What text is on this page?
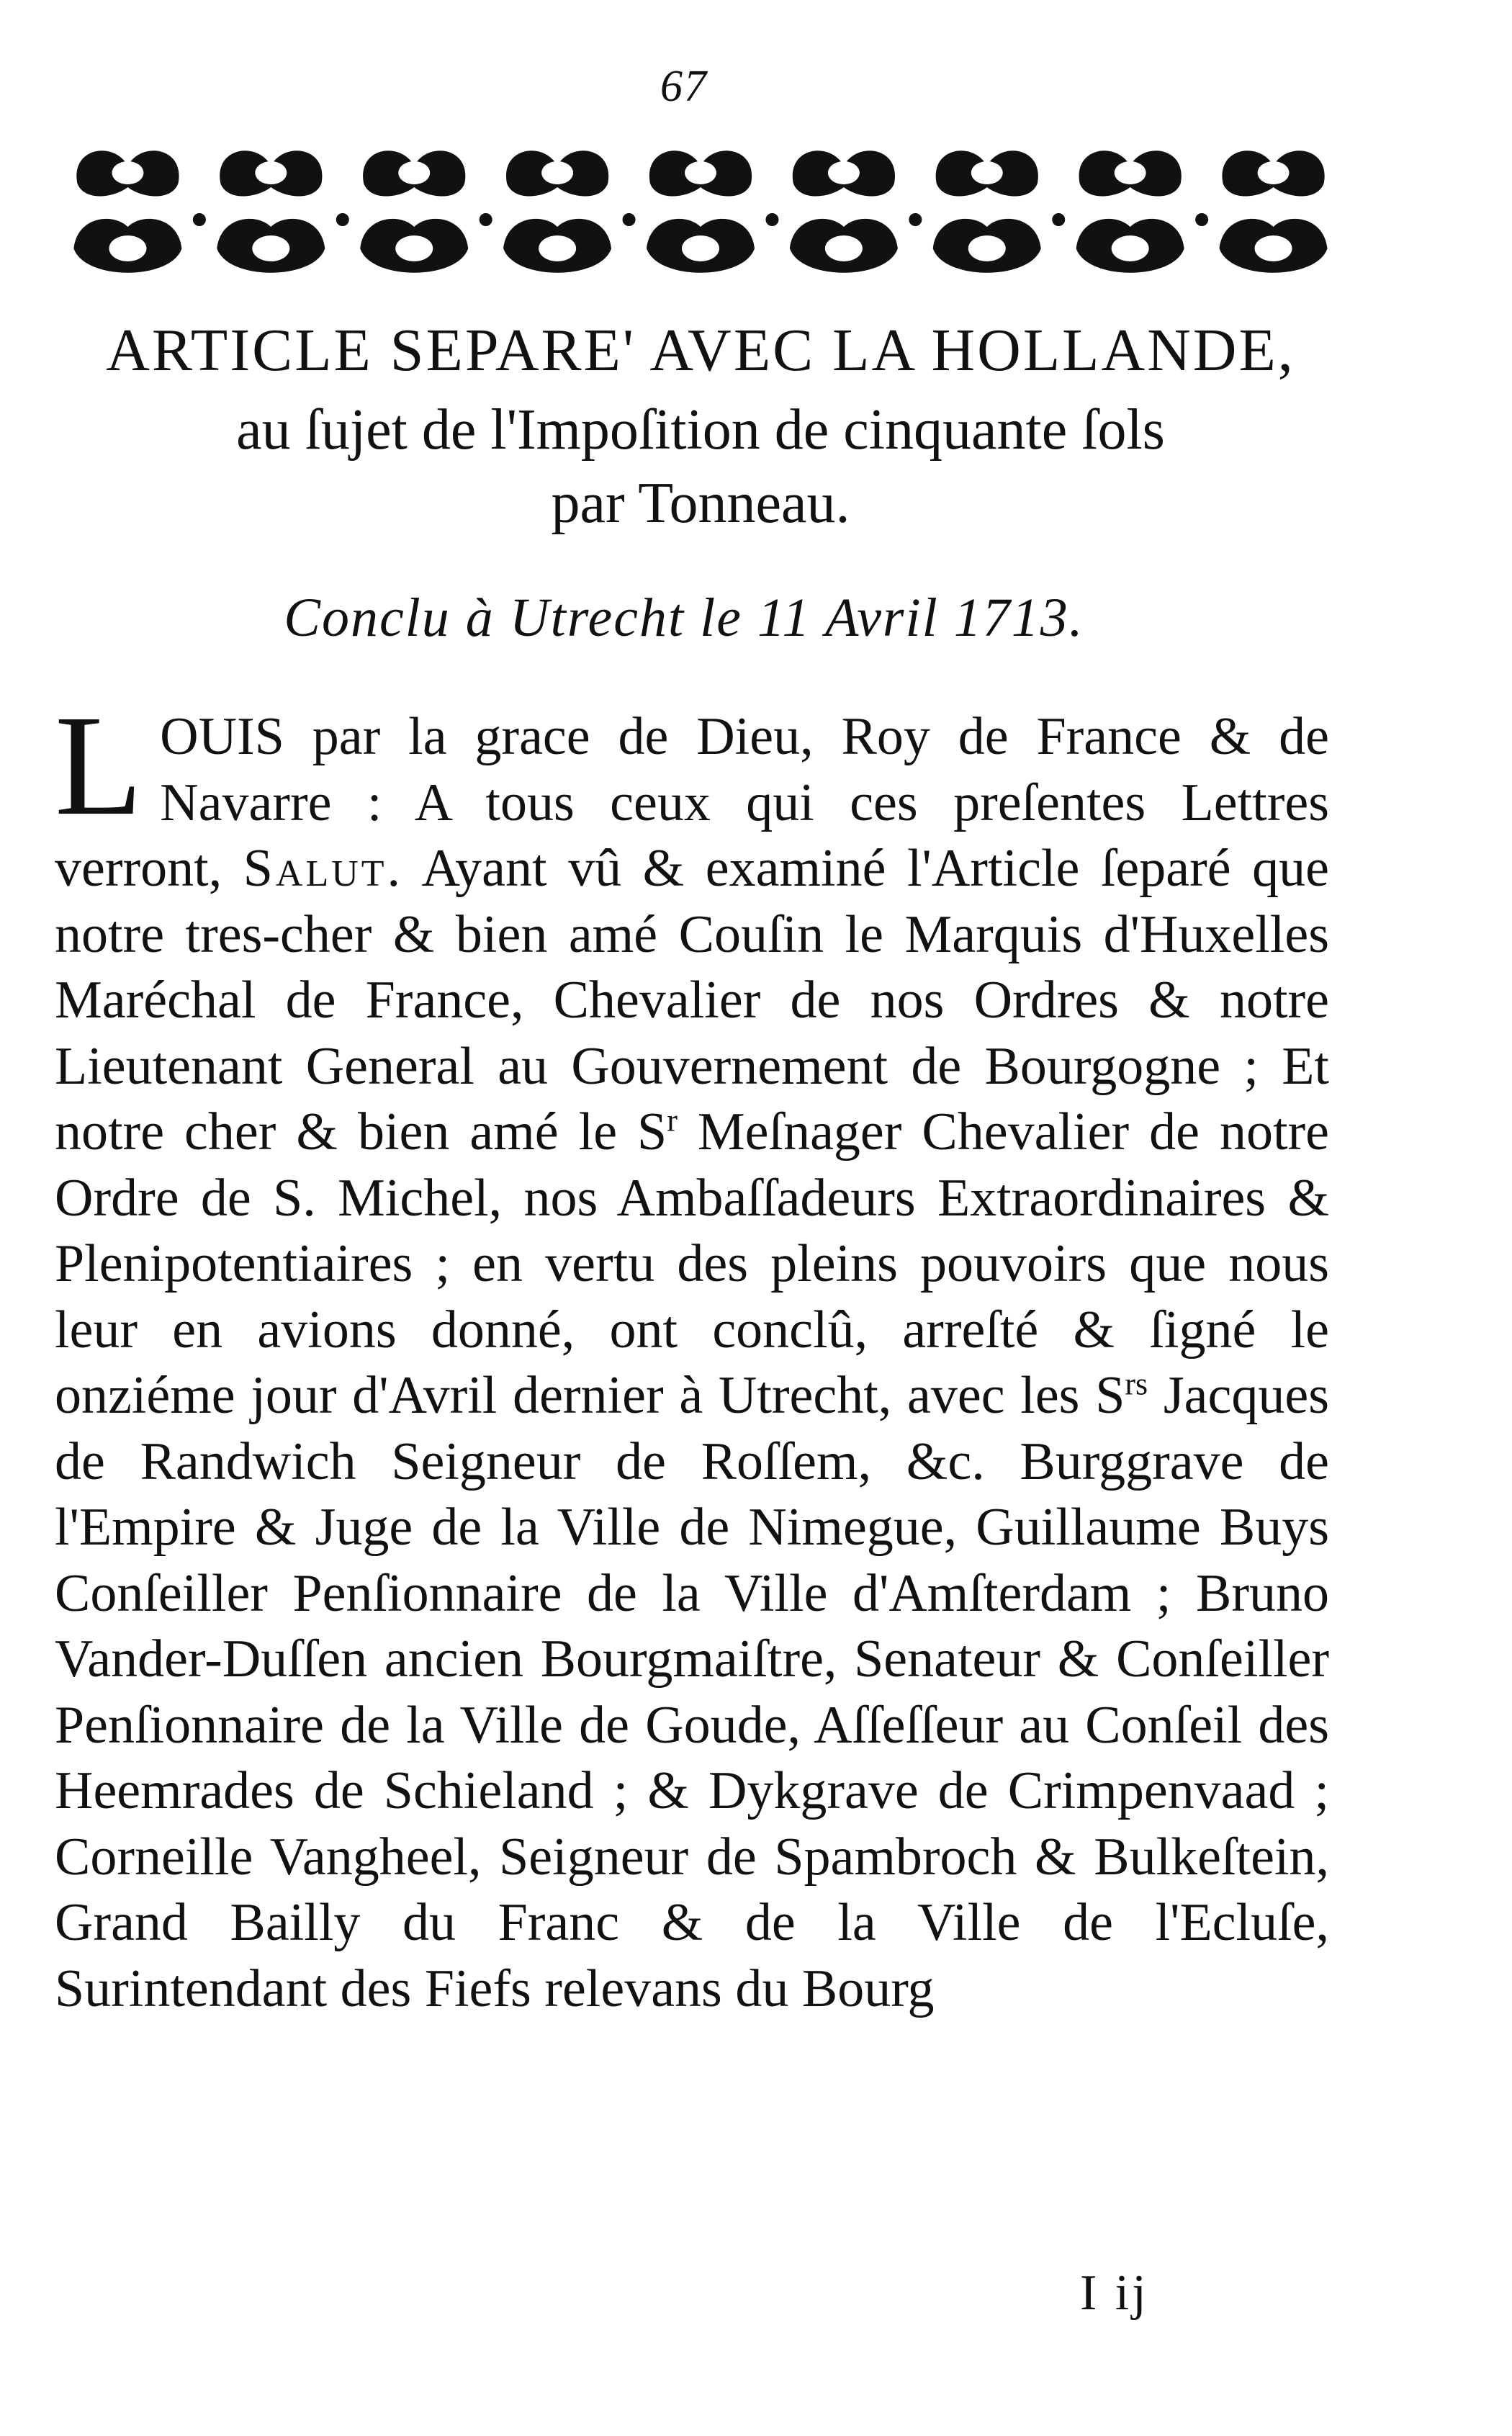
67
ARTICLE SEPARE' AVEC LA HOLLANDE,
au ſujet de l'Impoſition de cinquante ſols
par Tonneau.
Conclu à Utrecht le 11 Avril 1713.
LOUIS par la grace de Dieu, Roy de France & de Navarre : A tous ceux qui ces preſentes Lettres verront, Salut. Ayant vû & examiné l'Article ſeparé que notre tres-cher & bien amé Couſin le Marquis d'Huxelles Maréchal de France, Chevalier de nos Ordres & notre Lieutenant General au Gouvernement de Bourgogne ; Et notre cher & bien amé le $S^r$ Meſnager Chevalier de notre Ordre de S. Michel, nos Ambaſſadeurs Extraordinaires & Plenipotentiaires ; en vertu des pleins pouvoirs que nous leur en avions donné, ont conclû, arreſté & ſigné le onziéme jour d'Avril dernier à Utrecht, avec les $S^{rs}$ Jacques de Randwich Seigneur de Roſſem, &c. Burggrave de l'Empire & Juge de la Ville de Nimegue, Guillaume Buys Conſeiller Penſionnaire de la Ville d'Amſterdam ; Bruno Vander-Duſſen ancien Bourgmaiſtre, Senateur & Conſeiller Penſionnaire de la Ville de Goude, Aſſeſſeur au Conſeil des Heemrades de Schieland ; & Dykgrave de Crimpenvaad ; Corneille Vangheel, Seigneur de Spambroch & Bulkeſtein, Grand Bailly du Franc & de la Ville de l'Ecluſe, Surintendant des Fiefs relevans du Bourg
I ij
